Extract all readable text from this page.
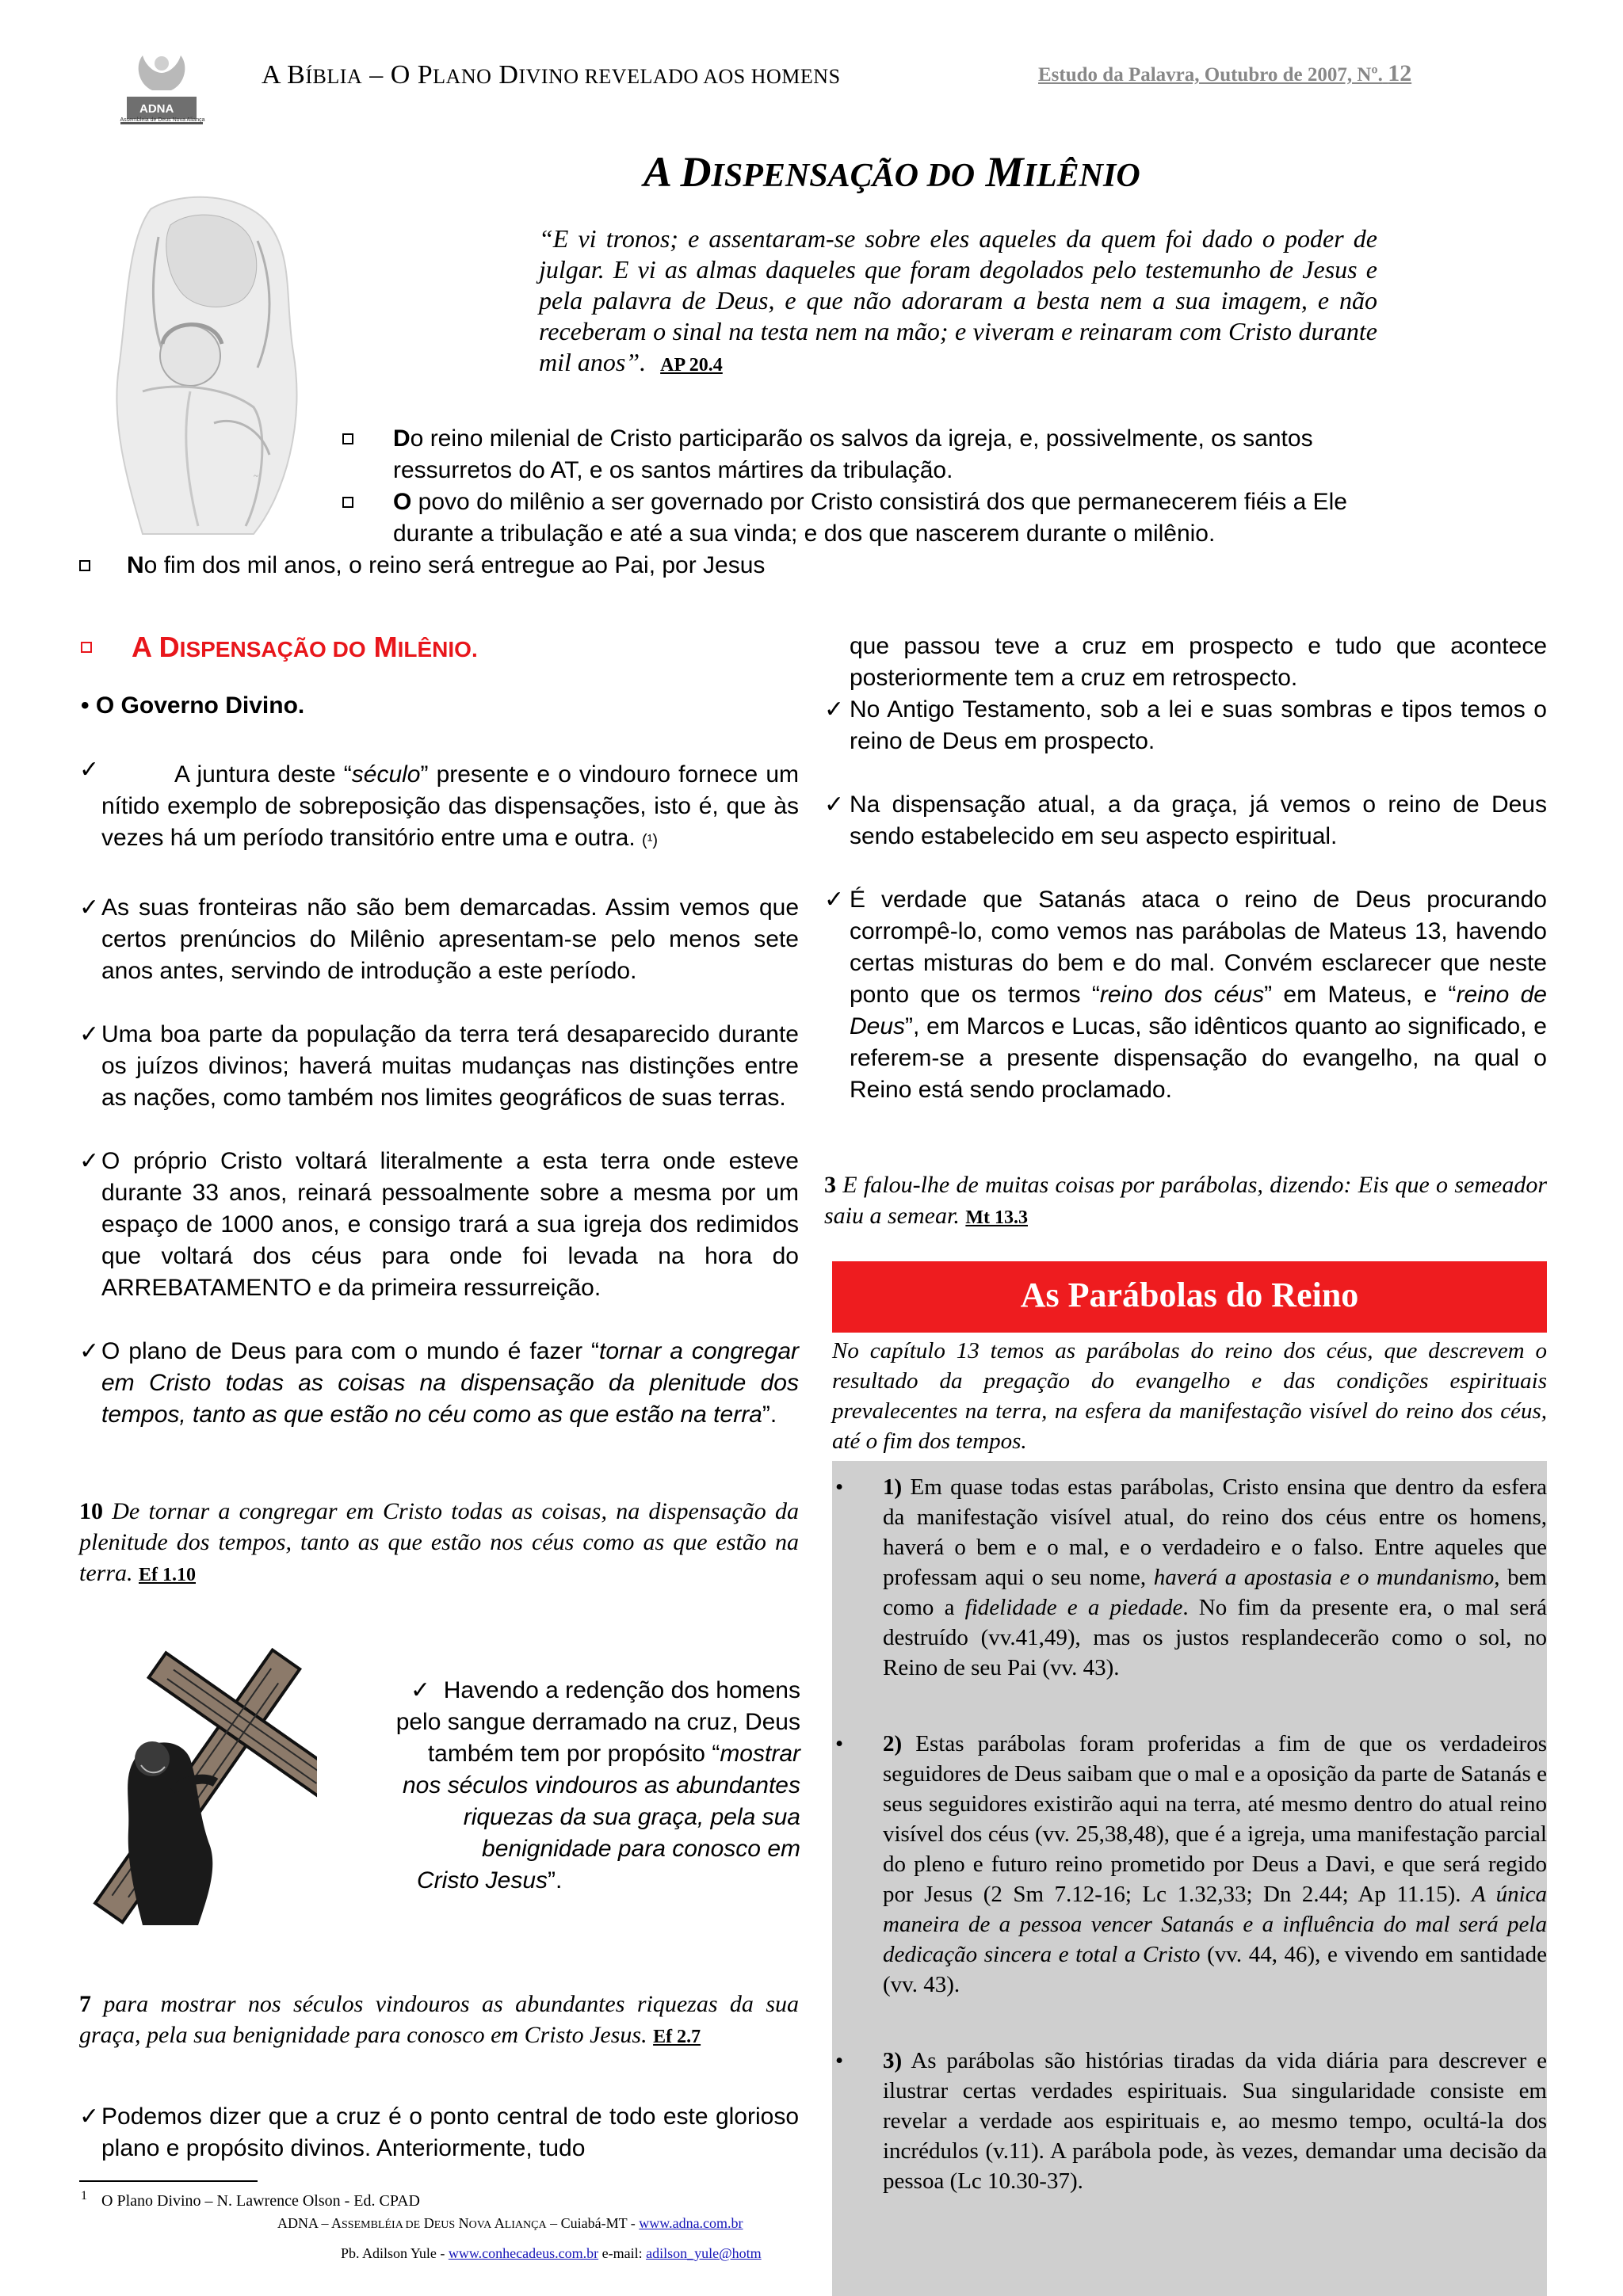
ADNA
Assembleia de Deus Nova Aliança
A BÍBLIA – O PLANO DIVINO REVELADO AOS HOMENS	Estudo da Palavra, Outubro de 2007, Nº. 12
A DISPENSAÇÃO DO MILÊNIO
~
“E vi tronos; e assentaram-se sobre eles aqueles da quem foi dado o poder de julgar. E vi as almas daqueles que foram degolados pelo testemunho de Jesus e pela palavra de Deus, e que não adoraram a besta nem a sua imagem, e não receberam o sinal na testa nem na mão; e viveram e reinaram com Cristo durante mil anos”. AP 20.4
Do reino milenial de Cristo participarão os salvos da igreja, e, possivelmente, os santos
ressurretos do AT, e os santos mártires da tribulação.
O povo do milênio a ser governado por Cristo consistirá dos que permanecerem fiéis a Ele
durante a tribulação e até a sua vinda; e dos que nascerem durante o milênio.
No fim dos mil anos, o reino será entregue ao Pai, por Jesus
A DISPENSAÇÃO DO MILÊNIO.
• O Governo Divino.
✓	A juntura deste “século” presente e o vindouro fornece um nítido exemplo de sobreposição das dispensações, isto é, que às vezes há um período transitório entre uma e outra. (¹)
✓ As suas fronteiras não são bem demarcadas. Assim vemos que certos prenúncios do Milênio apresentam-se pelo menos sete anos antes, servindo de introdução a este período.
✓ Uma boa parte da população da terra terá desaparecido durante os juízos divinos; haverá muitas mudanças nas distinções entre as nações, como também nos limites geográficos de suas terras.
✓ O próprio Cristo voltará literalmente a esta terra onde esteve durante 33 anos, reinará pessoalmente sobre a mesma por um espaço de 1000 anos, e consigo trará a sua igreja dos redimidos que voltará dos céus para onde foi levada na hora do ARREBATAMENTO e da primeira ressurreição.
✓ O plano de Deus para com o mundo é fazer “tornar a congregar em Cristo todas as coisas na dispensação da plenitude dos tempos, tanto as que estão no céu como as que estão na terra”.
10 De tornar a congregar em Cristo todas as coisas, na dispensação da plenitude dos tempos, tanto as que estão nos céus como as que estão na terra. Ef 1.10
✓ Havendo a redenção dos homens
pelo sangue derramado na cruz, Deus
também tem por propósito “mostrar
nos séculos vindouros as abundantes
riquezas da sua graça, pela sua
benignidade para conosco em
Cristo Jesus”.
7 para mostrar nos séculos vindouros as abundantes riquezas da sua graça, pela sua benignidade para conosco em Cristo Jesus. Ef 2.7
✓ Podemos dizer que a cruz é o ponto central de todo este glorioso plano e propósito divinos. Anteriormente, tudo
$^1$ O Plano Divino – N. Lawrence Olson - Ed. CPAD
ADNA – ASSEMBLÉIA DE DEUS NOVA ALIANÇA – Cuiabá-MT - www.adna.com.br
Pb. Adilson Yule - www.conhecadeus.com.br e-mail: adilson_yule@hotm
que passou teve a cruz em prospecto e tudo que acontece posteriormente tem a cruz em retrospecto.
✓ No Antigo Testamento, sob a lei e suas sombras e tipos temos o reino de Deus em prospecto.
✓ Na dispensação atual, a da graça, já vemos o reino de Deus sendo estabelecido em seu aspecto espiritual.
✓ É verdade que Satanás ataca o reino de Deus procurando corrompê-lo, como vemos nas parábolas de Mateus 13, havendo certas misturas do bem e do mal. Convém esclarecer que neste ponto que os termos “reino dos céus” em Mateus, e “reino de Deus”, em Marcos e Lucas, são idênticos quanto ao significado, e referem-se a presente dispensação do evangelho, na qual o Reino está sendo proclamado.
3 E falou-lhe de muitas coisas por parábolas, dizendo: Eis que o semeador saiu a semear. Mt 13.3
As Parábolas do Reino
No capítulo 13 temos as parábolas do reino dos céus, que descrevem o resultado da pregação do evangelho e das condições espirituais prevalecentes na terra, na esfera da manifestação visível do reino dos céus, até o fim dos tempos.
• 1) Em quase todas estas parábolas, Cristo ensina que dentro da esfera da manifestação visível atual, do reino dos céus entre os homens, haverá o bem e o mal, e o verdadeiro e o falso. Entre aqueles que professam aqui o seu nome, haverá a apostasia e o mundanismo, bem como a fidelidade e a piedade. No fim da presente era, o mal será destruído (vv.41,49), mas os justos resplandecerão como o sol, no Reino de seu Pai (vv. 43).
• 2) Estas parábolas foram proferidas a fim de que os verdadeiros seguidores de Deus saibam que o mal e a oposição da parte de Satanás e seus seguidores existirão aqui na terra, até mesmo dentro do atual reino visível dos céus (vv. 25,38,48), que é a igreja, uma manifestação parcial do pleno e futuro reino prometido por Deus a Davi, e que será regido por Jesus (2 Sm 7.12-16; Lc 1.32,33; Dn 2.44; Ap 11.15). A única maneira de a pessoa vencer Satanás e a influência do mal será pela dedicação sincera e total a Cristo (vv. 44, 46), e vivendo em santidade (vv. 43).
• 3) As parábolas são histórias tiradas da vida diária para descrever e ilustrar certas verdades espirituais. Sua singularidade consiste em revelar a verdade aos espirituais e, ao mesmo tempo, ocultá-la dos incrédulos (v.11). A parábola pode, às vezes, demandar uma decisão da pessoa (Lc 10.30-37).
